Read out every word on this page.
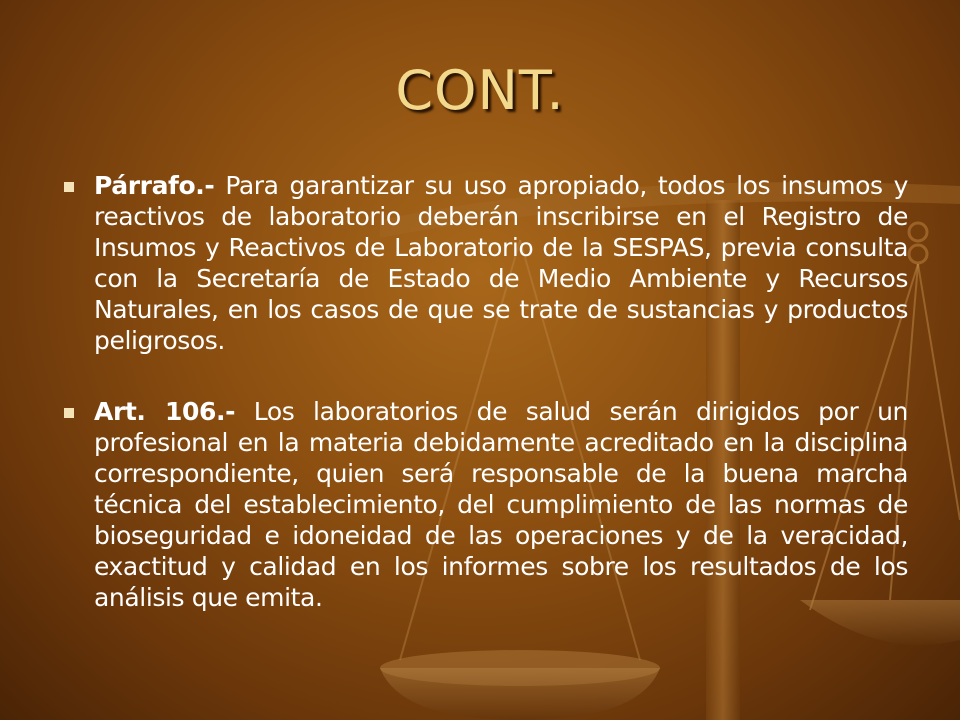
CONT.
Párrafo.- Para garantizar su uso apropiado, todos los insumos y reactivos de laboratorio deberán inscribirse en el Registro de Insumos y Reactivos de Laboratorio de la SESPAS, previa consulta con la Secretaría de Estado de Medio Ambiente y Recursos Naturales, en los casos de que se trate de sustancias y productos peligrosos.
Art. 106.- Los laboratorios de salud serán dirigidos por un profesional en la materia debidamente acreditado en la disciplina correspondiente, quien será responsable de la buena marcha técnica del establecimiento, del cumplimiento de las normas de bioseguridad e idoneidad de las operaciones y de la veracidad, exactitud y calidad en los informes sobre los resultados de los análisis que emita.
